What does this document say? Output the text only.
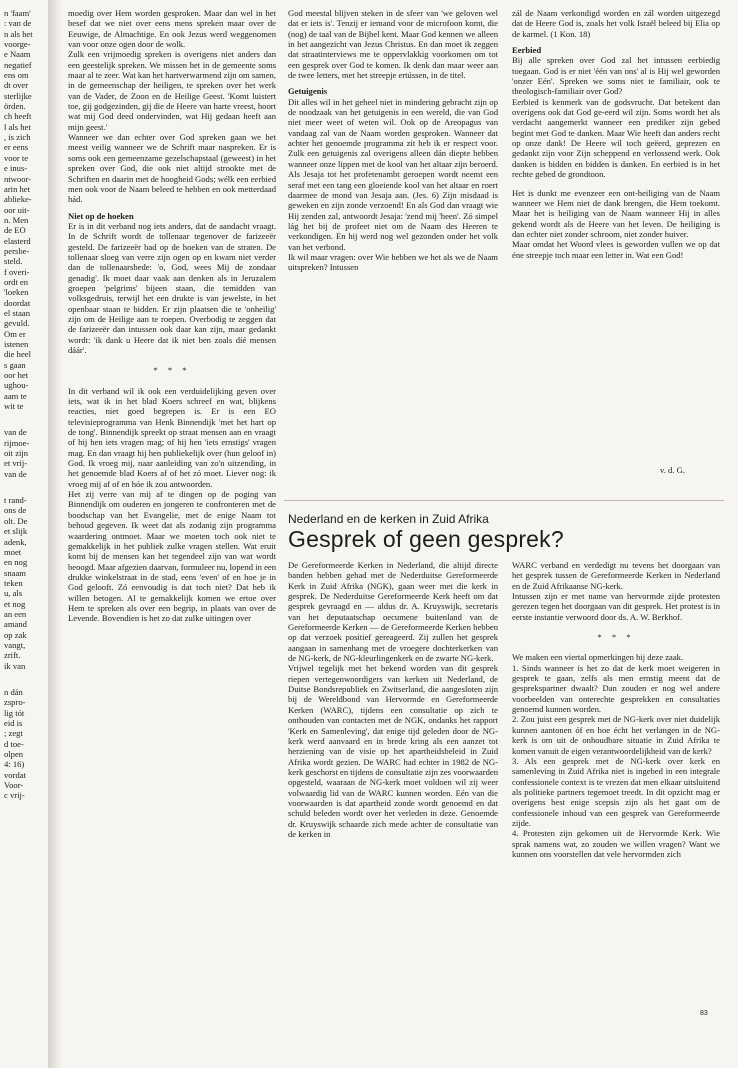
n 'faam'

: van de

n als het

voorge-

e Naam

negatief

ens om

dt over

sterlijke

örden.

ch heeft

l als het

, is zich

er eens

voor te

e inus-

ntwoor-

arin het

ablieke-

oor uit-

n. Men

de EO

elasterd

persbe-

steld.

f overi-

ordt en

'loeken

doordat

el staan

gevuld.

Om er

istenen

die heel

s gaan

oor het

ughou-

aam te

wit te

van de

rijmoe-

oit zijn

et vrij-

van de

t rand-

ons de

olt. De

et slijk

adenk,

moet

en nog

snaam

teken

u, als

et nog

an een

amand

op zak

vangt,

zrift.

ik van

n dán

zspro-

lig tót

eid is

; zegt

d toe-

olpen

4: 16)

vordat

Voor-

c vrij-

moedig over Hem worden gesproken. Maar dan wel in het besef dat we niet over eens mens spreken maar over de Eeuwige, de Almachtige. En ook Jezus werd weggenomen van voor onze ogen door de wolk.

Zulk een vrijmoedig spreken is overigens niet anders dan een geestelijk spreken. We missen het in de gemeente soms maar al te zeer. Wat kan het hartverwarmend zijn om samen, in de gemeenschap der heiligen, te spreken over het werk van de Vader, de Zoon en de Heilige Geest. 'Komt luistert toe, gij godgezinden, gij die de Heere van harte vreest, hoort wat mij God deed ondervinden, wat Hij gedaan heeft aan mijn geest.'

Wanneer we dan echter over God spreken gaan we het meest veilig wanneer we de Schrift maar naspreken. Er is soms ook een gemeenzame gezelschapstaal (geweest) in het spreken over God, die ook niet altijd strookte met de Schriften en daarin met de hoogheid Gods; wélk een eerbied men ook voor de Naam beleed te hebben en ook metterdaad hád.

Niet op de hoeken

Er is in dit verband nog iets anders, dat de aandacht vraagt. In de Schrift wordt de tollenaar tegenover de farizeeër gesteld. De farizeeër bad op de hoeken van de straten. De tollenaar sloeg van verre zijn ogen op en kwam niet verder dan de tollenaarsbede: 'o, God, wees Mij de zondaar genadig'. Ik moet daar vaak aan denken als in Jeruzalem groepen 'pelgrims' bijeen staan, die temidden van volksgedruis, terwijl het een drukte is van jewelste, in het openbaar staan te bidden. Er zijn plaatsen die te 'onheilig' zijn om de Heilige aan te roepen. Overbodig te zeggen dat de farizeeër dan intussen ook daar kan zijn, maar gedankt wordt: 'ik dank u Heere dat ik niet ben zoals díé mensen dáár'.

* * *

In dit verband wil ik ook een verduidelijking geven over iets, wat ik in het blad Koers schreef en wat, blijkens reacties, niet goed begrepen is. Er is een EO televisieprogramma van Henk Binnendijk 'met het hart op de tong'. Binnendijk spreekt op straat mensen aan en vraagt of hij hen iets vragen mag; of hij hen 'iets ernstigs' vragen mag. En dan vraagt hij hen publiekelijk over (hun geloof in) God. Ik vroeg mij, naar aanleiding van zo'n uitzending, in het genoemde blad Koers af of het zó moet. Liever nog: ik vroeg mij af of en hóe ik zou antwoorden.

Het zij verre van mij af te dingen op de poging van Binnendijk om ouderen en jongeren te confronteren met de boodschap van het Evangelie, met de enige Naam tot behoud gegeven. Ik weet dat als zodanig zijn programma waardering ontmoet. Maar we moeten toch ook niet te gemakkelijk in het publiek zulke vragen stellen. Wat eruit komt bij de mensen kan het tegendeel zijn van wat wordt beoogd. Maar afgezien daarvan, formuleer nu, lopend in een drukke winkelstraat in de stad, eens 'even' of en hoe je in God gelooft. Zó eenvoudig is dat toch niet? Dat heb ik willen betogen. Al te gemakkelijk komen we ertoe over Hem te spreken als over een begrip, in plaats van over de Levende. Bovendien is het zo dat zulke uitingen over

God meestal blijven steken in de sfeer van 'we geloven wel dat er iets is'. Tenzij er iemand voor de microfoon komt, die (nog) de taal van de Bijbel kent. Maar God kennen we alleen in het aangezicht van Jezus Christus. En dan moet ik zeggen dat straatinterviews me te oppervlakkig voorkomen om tot een gesprek over God te komen. Ik denk dan maar weer aan de twee letters, met het streepje ertússen, in de titel.

Getuigenis

Dit alles wil in het geheel niet in mindering gebracht zijn op de noodzaak van het getuigenis in een wereld, die van God niet meer weet of weten wil. Ook op de Areopagus van vandaag zal van de Naam worden gesproken. Wanneer dat achter het genoemde programma zit heb ik er respect voor. Zulk een getuigenis zal overigens alleen dán diepte hebben wanneer onze lippen met de kool van het altaar zijn beroerd. Als Jesaja tot het profetenambt geroepen wordt neemt een seraf met een tang een gloeiende kool van het altaar en roert daarmee de mond van Jesaja aan. (Jes. 6) Zijn misdaad is geweken en zijn zonde verzoend! En als God dan vraagt wie Hij zenden zal, antwoordt Jesaja: 'zend mij 'heen'. Zó simpel lág het bij de profeet niet om de Naam des Heeren te verkondigen. En hij werd nog wel gezonden onder het volk van het verbond.

Ik wil maar vragen: over Wie hebben we het als we de Naam uitspreken? Intussen

zál de Naam verkondigd worden en zál worden uitgezegd dat de Heere God is, zoals het volk Israël beleed bij Elia op de karmel. (1 Kon. 18)

Eerbied

Bij alle spreken over God zal het intussen eerbiedig toegaan. God is er niet 'één van ons' al is Hij wel geworden 'onzer Eén'. Spreken we soms niet te familiair, ook te theologisch-familiair over God?

Eerbied is kenmerk van de godsvrucht. Dat betekent dan overigens ook dat God ge-eerd wil zijn. Soms wordt het als verdacht aangemerkt wanneer een prediker zijn gebed begint met God te danken. Maar Wie heeft dan anders recht op onze dank! De Heere wil toch geëerd, geprezen en gedankt zijn voor Zijn scheppend en verlossend werk. Ook danken is bidden en bidden is danken. En eerbied is in het rechte gebed de grondtoon.

Het is dunkt me evenzeer een ont-heiliging van de Naam wanneer we Hem niet de dank brengen, die Hem toekomt. Maar het is heiliging van de Naam wanneer Hij in alles gekend wordt als de Heere van het leven. De heiliging is dan echter niet zonder schroom, niet zonder huiver.

Maar omdat het Woord vlees is geworden vullen we op dat éne streepje toch maar een letter in. Wat een God!

v. d. G.
Nederland en de kerken in Zuid Afrika
Gesprek of geen gesprek?

De Gereformeerde Kerken in Nederland, die altijd directe banden hebben gehad met de Nederduitse Gereformeerde Kerk in Zuid Afrika (NGK), gaan weer met die kerk in gesprek. De Nederduitse Gereformeerde Kerk heeft om dat gesprek gevraagd en — aldus dr. A. Kruyswijk, secretaris van het deputaatschap oecumene buitenland van de Gereformeerde Kerken — de Gereformeerde Kerken hebben op dat verzoek positief gereageerd. Zij zullen het gesprek aangaan in samenhang met de vroegere dochterkerken van de NG-kerk, de NG-kleurlingenkerk en de zwarte NG-kerk.

Vrijwel tegelijk met het bekend worden van dit gesprek riepen vertegenwoordigers van kerken uit Nederland, de Duitse Bondsrepubliek en Zwitserland, die aangesloten zijn bij de Wereldbond van Hervormde en Gereformeerde Kerken (WARC), tijdens een consultatie op zich te onthouden van contacten met de NGK, ondanks het rapport 'Kerk en Samenleving', dat enige tijd geleden door de NG-kerk werd aanvaard en in brede kring als een aanzet tot herziening van de visie op het apartheidsbeleid in Zuid Afrika wordt gezien. De WARC had echter in 1982 de NG-kerk geschorst en tijdens de consultatie zijn zes voorwaarden opgesteld, waaraan de NG-kerk moet voldoen wil zij weer volwaardig lid van de WARC kunnen worden. Eén van die voorwaarden is dat apartheid zonde wordt genoemd en dat schuld beleden wordt over het verleden in deze. Genoemde dr. Kruyswijk schaarde zich mede achter de consultatie van de kerken in

WARC verband en verdedigt nu tevens het doorgaan van het gesprek tussen de Gereformeerde Kerken in Nederland en de Zuid Afrikaanse NG-kerk.

Intussen zijn er met name van hervormde zijde protesten gerezen tegen het doorgaan van dit gesprek. Het protest is in eerste instantie verwoord door ds. A. W. Berkhof.

* * *

We maken een viertal opmerkingen bij deze zaak.

1. Sinds wanneer is het zo dat de kerk moet weigeren in gesprek te gaan, zelfs als men ernstig meent dat de gesprekspartner dwaalt? Dan zouden er nog wel andere voorbeelden van onterechte gesprekken en consultaties genoemd kunnen worden.

2. Zou juist een gesprek met de NG-kerk over niet duidelijk kunnen aantonen óf en hoe écht het verlangen in de NG-kerk is om uit de onhoudbare situatie in Zuid Afrika te komen vanuit de eigen verantwoordelijkheid van de kerk?

3. Als een gesprek met de NG-kerk over kerk en samenleving in Zuid Afrika niet is ingebed in een integrale confessionele context is te vrezen dat men elkaar uitsluitend als politieke partners tegemoet treedt. In dit opzicht mag er overigens best enige scepsis zijn als het gaat om de confessionele inhoud van een gesprek van Gereformeerde zijde.

4. Protesten zijn gekomen uit de Hervormde Kerk. Wie sprak namens wat, zo zouden we willen vragen? Want we kunnen ons voorstellen dat vele hervormden zich

83
